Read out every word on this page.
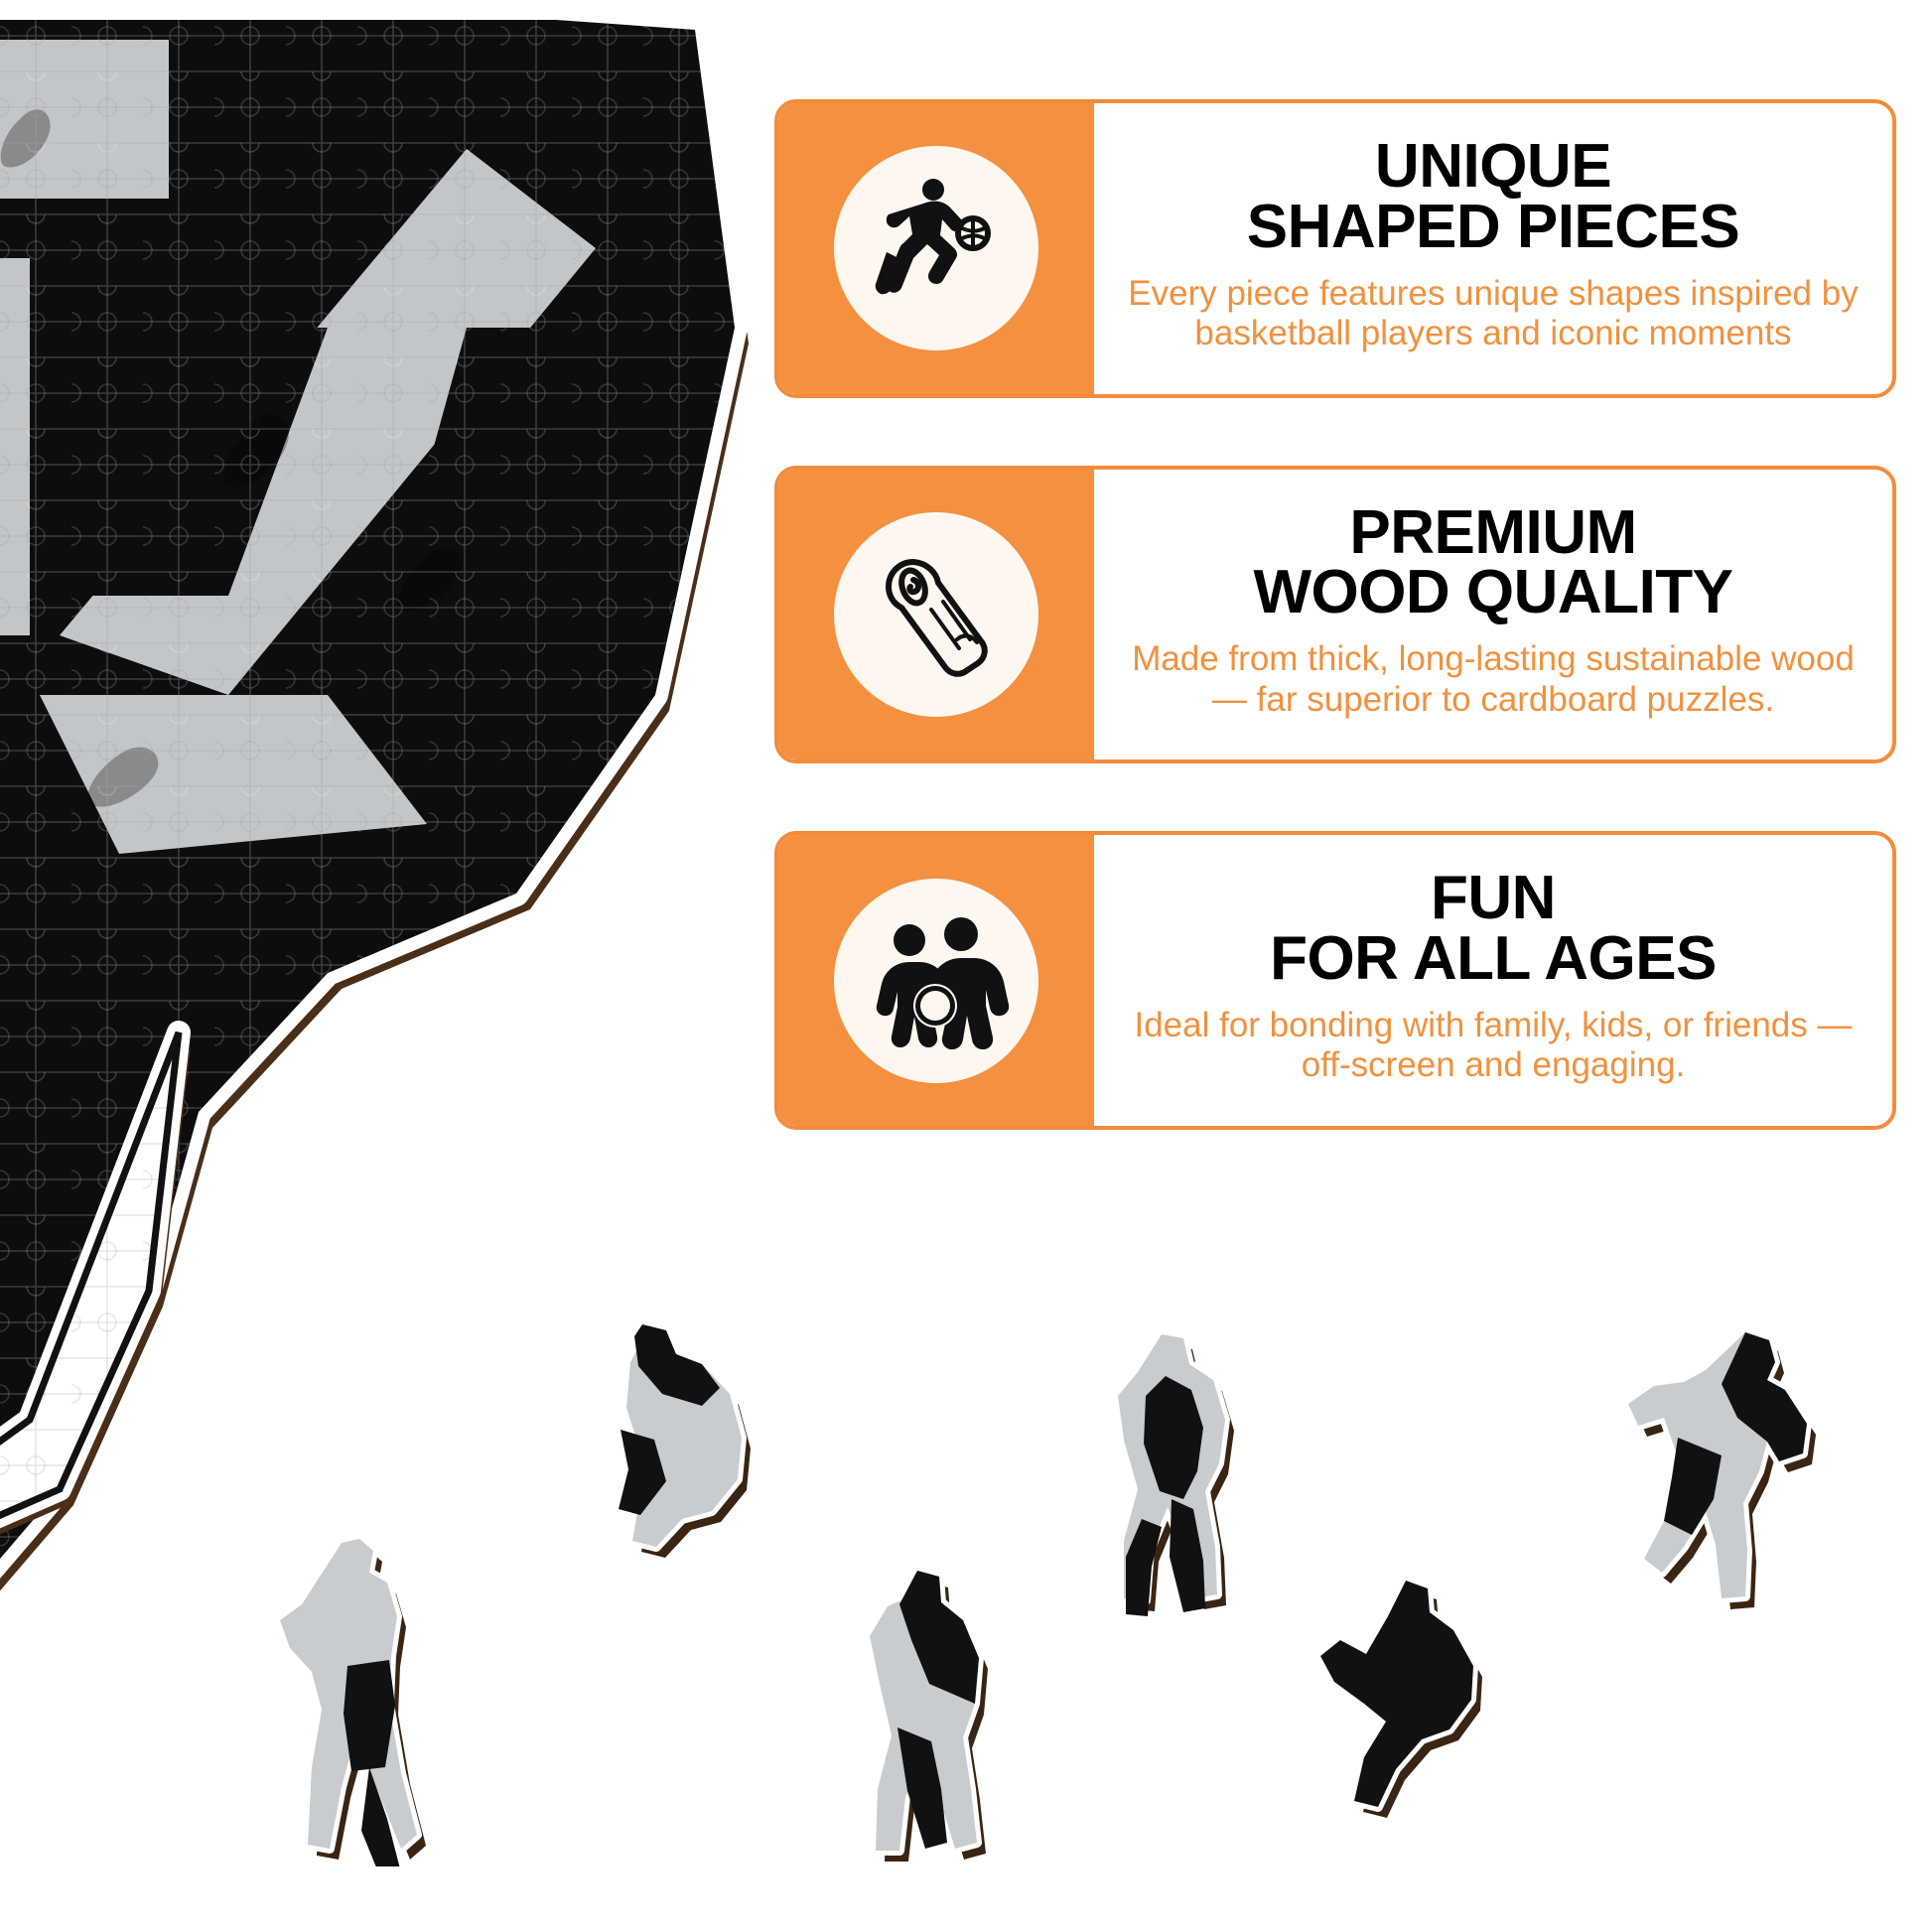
UNIQUE
SHAPED PIECES

Every piece features unique shapes inspired by basketball players and iconic moments

PREMIUM
WOOD QUALITY

Made from thick, long-lasting sustainable wood — far superior to cardboard puzzles.

FUN
FOR ALL AGES

Ideal for bonding with family, kids, or friends — off-screen and engaging.
